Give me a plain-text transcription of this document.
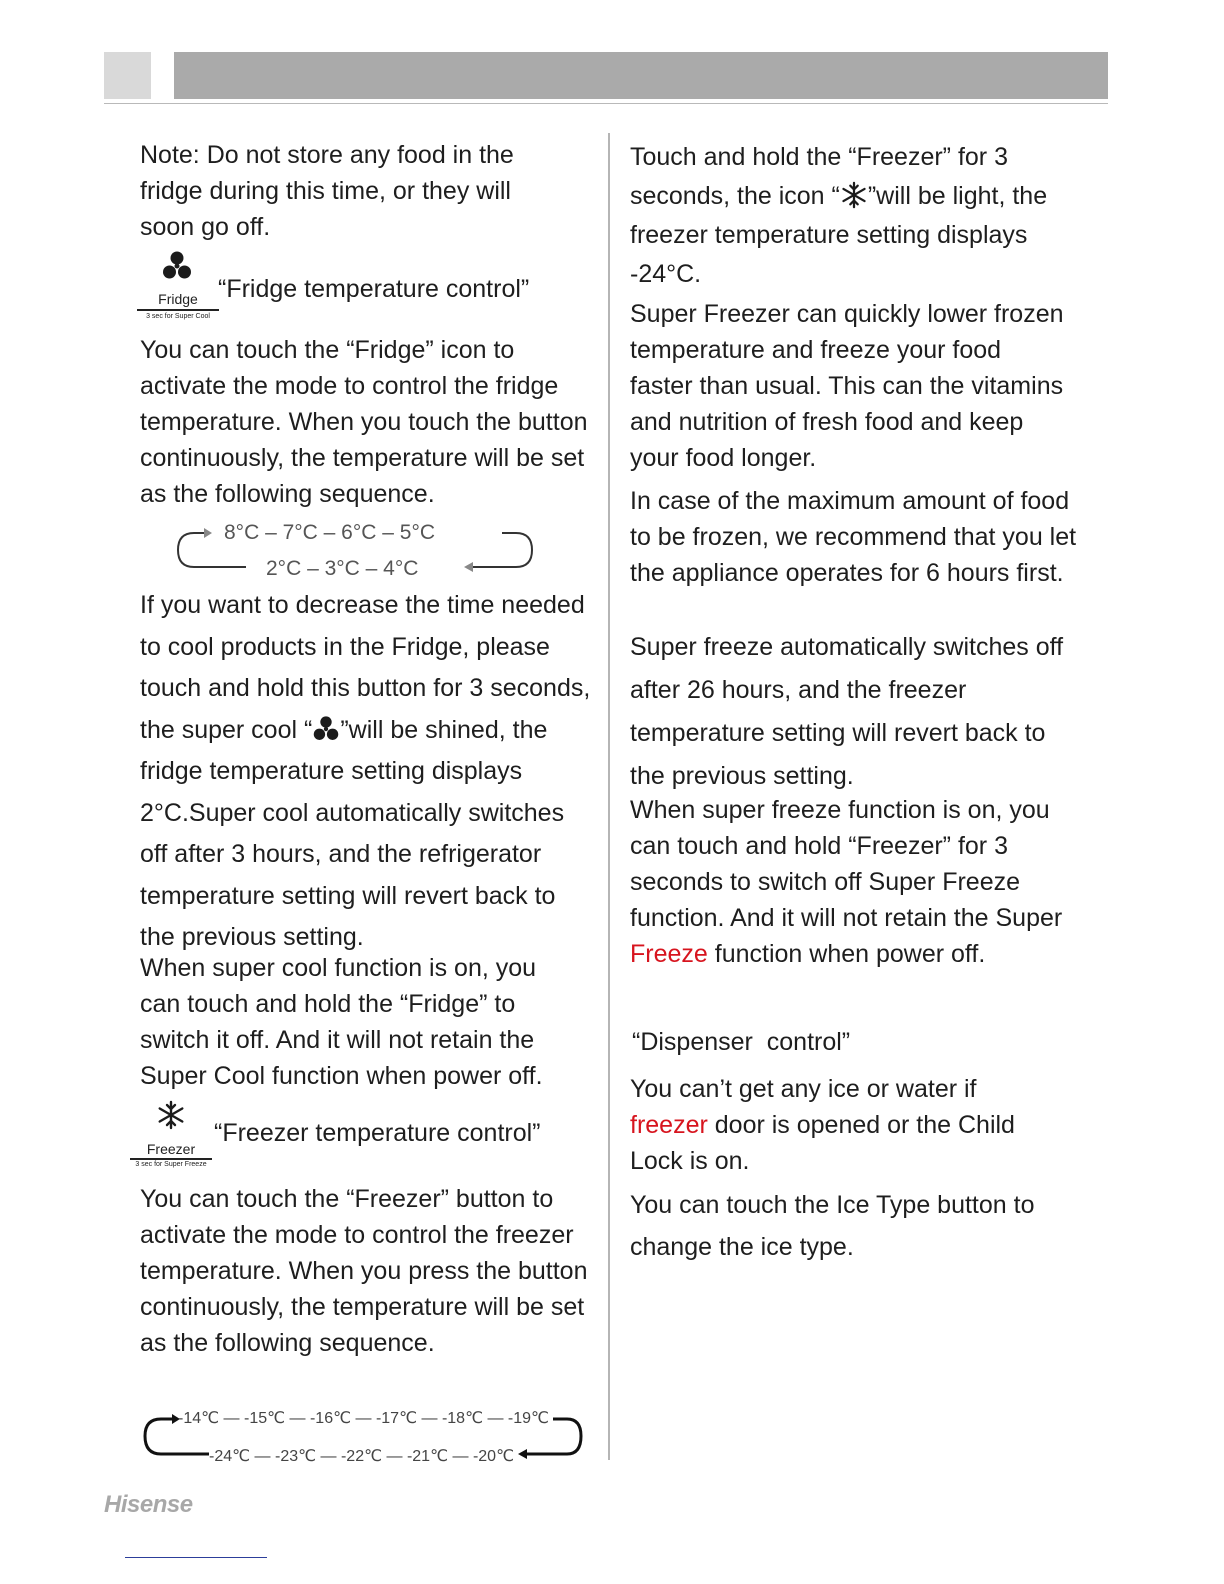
Note: Do not store any food in the fridge during this time, or they will soon go off.
Fridge
3 sec for Super Cool
“Fridge temperature control”
You can touch the “Fridge” icon to activate the mode to control the fridge temperature. When you touch the button continuously, the temperature will be set as the following sequence.
8°C – 7°C – 6°C – 5°C
2°C – 3°C – 4°C
If you want to decrease the time needed to cool products in the Fridge, please touch and hold this button for 3 seconds, the super cool “ ”will be shined, the fridge temperature setting displays 2°C.Super cool automatically switches off after 3 hours, and the refrigerator temperature setting will revert back to the previous setting.
When super cool function is on, you can touch and hold the “Fridge” to switch it off. And it will not retain the Super Cool function when power off.
Freezer
3 sec for Super Freeze
“Freezer temperature control”
You can touch the “Freezer” button to activate the mode to control the freezer temperature. When you press the button continuously, the temperature will be set as the following sequence.
-14℃ — -15℃ — -16℃ — -17℃ — -18℃ — -19℃
-24℃ — -23℃ — -22℃ — -21℃ — -20℃
Touch and hold the “Freezer” for 3 seconds, the icon “ ”will be light, the freezer temperature setting displays -24°C.
Super Freezer can quickly lower frozen temperature and freeze your food faster than usual. This can the vitamins and nutrition of fresh food and keep your food longer.
In case of the maximum amount of food to be frozen, we recommend that you let the appliance operates for 6 hours first.
Super freeze automatically switches off after 26 hours, and the freezer temperature setting will revert back to the previous setting.
When super freeze function is on, you can touch and hold “Freezer” for 3 seconds to switch off Super Freeze function. And it will not retain the Super Freeze function when power off.
“Dispenser  control”
You can’t get any ice or water if freezer door is opened or the Child Lock is on.
You can touch the Ice Type button to change the ice type.
Hisense
